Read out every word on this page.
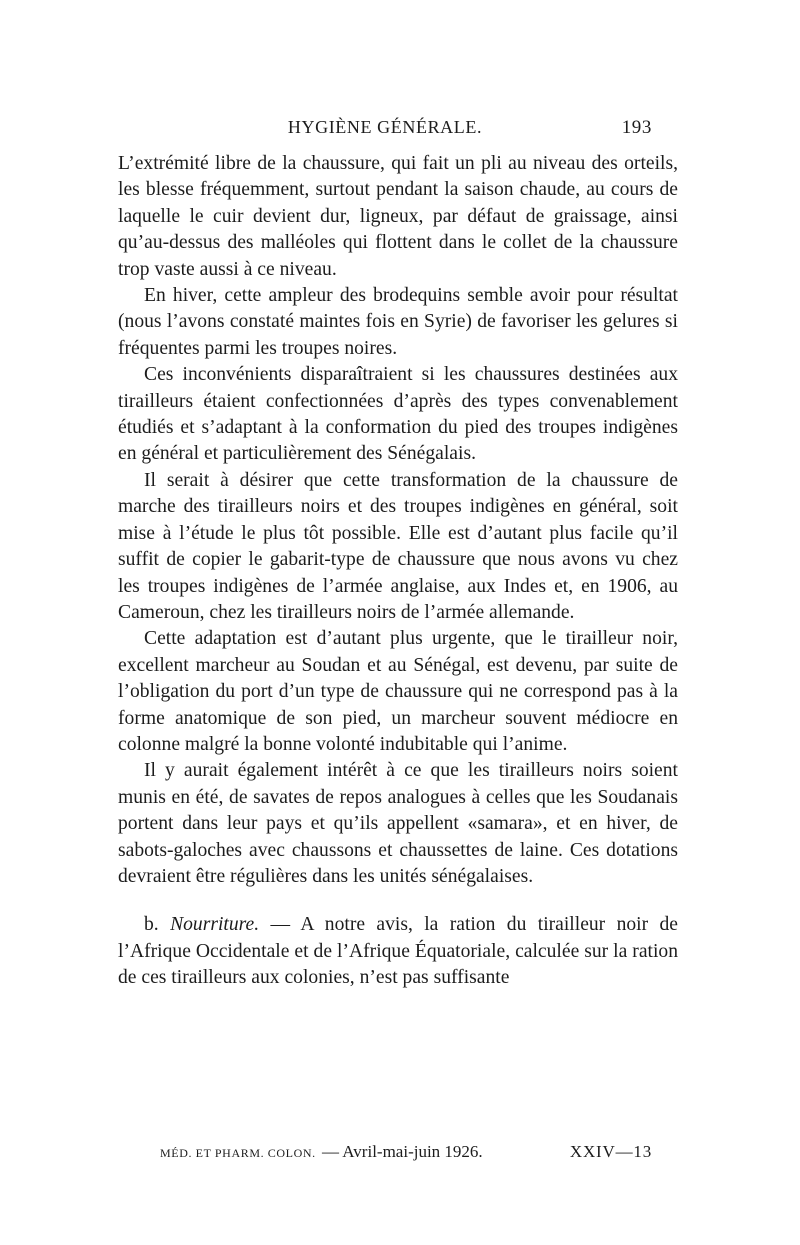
HYGIÈNE GÉNÉRALE.	193

L’extrémité libre de la chaussure, qui fait un pli au niveau des orteils, les blesse fréquemment, surtout pendant la saison chaude, au cours de laquelle le cuir devient dur, ligneux, par défaut de graissage, ainsi qu’au-dessus des malléoles qui flottent dans le collet de la chaussure trop vaste aussi à ce niveau.

En hiver, cette ampleur des brodequins semble avoir pour résultat (nous l’avons constaté maintes fois en Syrie) de favoriser les gelures si fréquentes parmi les troupes noires.

Ces inconvénients disparaîtraient si les chaussures destinées aux tirailleurs étaient confectionnées d’après des types convenablement étudiés et s’adaptant à la conformation du pied des troupes indigènes en général et particulièrement des Sénégalais.

Il serait à désirer que cette transformation de la chaussure de marche des tirailleurs noirs et des troupes indigènes en général, soit mise à l’étude le plus tôt possible. Elle est d’autant plus facile qu’il suffit de copier le gabarit-type de chaussure que nous avons vu chez les troupes indigènes de l’armée anglaise, aux Indes et, en 1906, au Cameroun, chez les tirailleurs noirs de l’armée allemande.

Cette adaptation est d’autant plus urgente, que le tirailleur noir, excellent marcheur au Soudan et au Sénégal, est devenu, par suite de l’obligation du port d’un type de chaussure qui ne correspond pas à la forme anatomique de son pied, un marcheur souvent médiocre en colonne malgré la bonne volonté indubitable qui l’anime.

Il y aurait également intérêt à ce que les tirailleurs noirs soient munis en été, de savates de repos analogues à celles que les Soudanais portent dans leur pays et qu’ils appellent «samara», et en hiver, de sabots-galoches avec chaussons et chaussettes de laine. Ces dotations devraient être régulières dans les unités sénégalaises.

b. Nourriture. — A notre avis, la ration du tirailleur noir de l’Afrique Occidentale et de l’Afrique Équatoriale, calculée sur la ration de ces tirailleurs aux colonies, n’est pas suffisante

MÉD. ET PHARM. COLON. — Avril-mai-juin 1926.	XXIV—13
